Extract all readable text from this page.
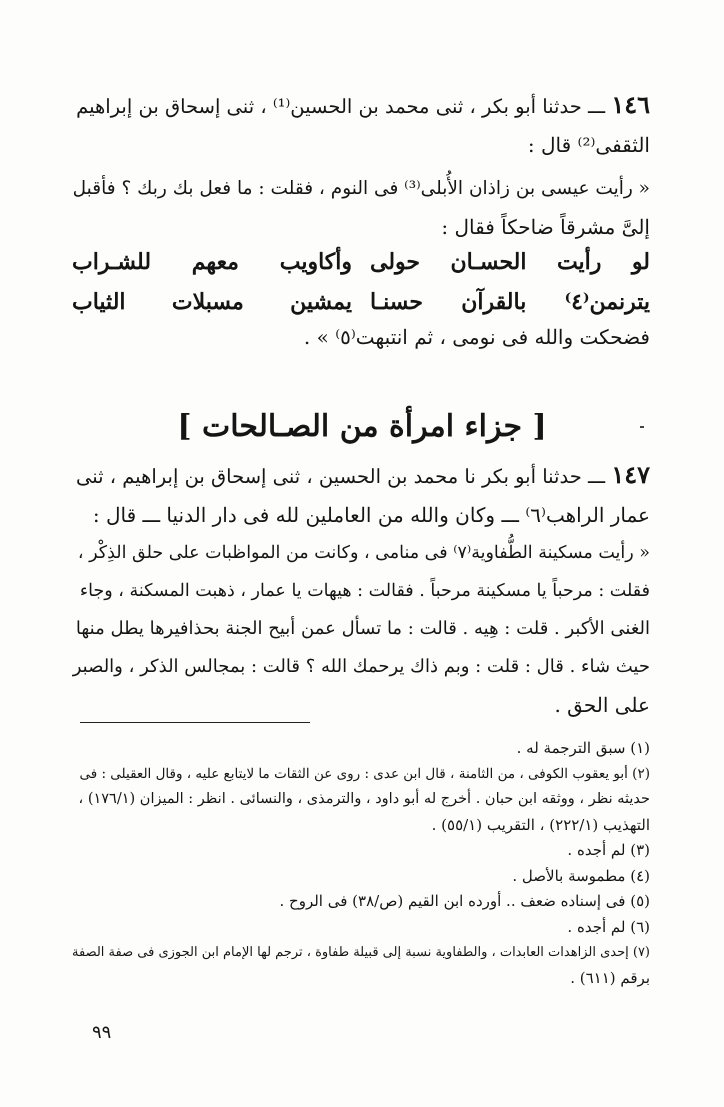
١٤٦ ـــ حدثنا أبو بكر ، ثنى محمد بن الحسين⁽¹⁾ ، ثنى إسحاق بن إبراهيم
الثقفى⁽²⁾ قال :
« رأيت عيسى بن زاذان الأُبلى⁽³⁾ فى النوم ، فقلت : ما فعل بك ربك ؟ فأقبل
إلىَّ مشرقاً ضاحكاً فقال :
لو رأيت الحسـان حولى
وأكاويب معهم للشـراب
يترنمن⁽٤⁾ بالقرآن حسنـا
يمشين مسبلات الثياب
فضحكت والله فى نومى ، ثم انتبهت⁽٥⁾ » .
[ جزاء امرأة من الصـالحات ]
١٤٧ ـــ حدثنا أبو بكر نا محمد بن الحسين ، ثنى إسحاق بن إبراهيم ، ثنى
عمار الراهب⁽٦⁾ ـــ وكان والله من العاملين لله فى دار الدنيا ـــ قال :
« رأيت مسكينة الطُّفاوية⁽٧⁾ فى منامى ، وكانت من المواظبات على حلق الذِكْر ،
فقلت : مرحباً يا مسكينة مرحباً . فقالت : هيهات يا عمار ، ذهبت المسكنة ، وجاء
الغنى الأكبر . قلت : هِيه . قالت : ما تسأل عمن أبيح الجنة بحذافيرها يطل منها
حيث شاء . قال : قلت : وبم ذاك يرحمك الله ؟ قالت : بمجالس الذكر ، والصبر
على الحق .
(١) سبق الترجمة له .
(٢) أبو يعقوب الكوفى ، من الثامنة ، قال ابن عدى : روى عن الثقات ما لايتابع عليه ، وقال العقيلى : فى
حديثه نظر ، ووثقه ابن حبان . أخرج له أبو داود ، والترمذى ، والنسائى . انظر : الميزان (١٧٦/١) ،
التهذيب (٢٢٢/١) ، التقريب (٥٥/١) .
(٣) لم أجده .
(٤) مطموسة بالأصل .
(٥) فى إسناده ضعف .. أورده ابن القيم (ص/٣٨) فى الروح .
(٦) لم أجده .
(٧) إحدى الزاهدات العابدات ، والطفاوية نسبة إلى قبيلة طفاوة ، ترجم لها الإمام ابن الجوزى فى صفة الصفة
برقم (٦١١) .
٩٩
